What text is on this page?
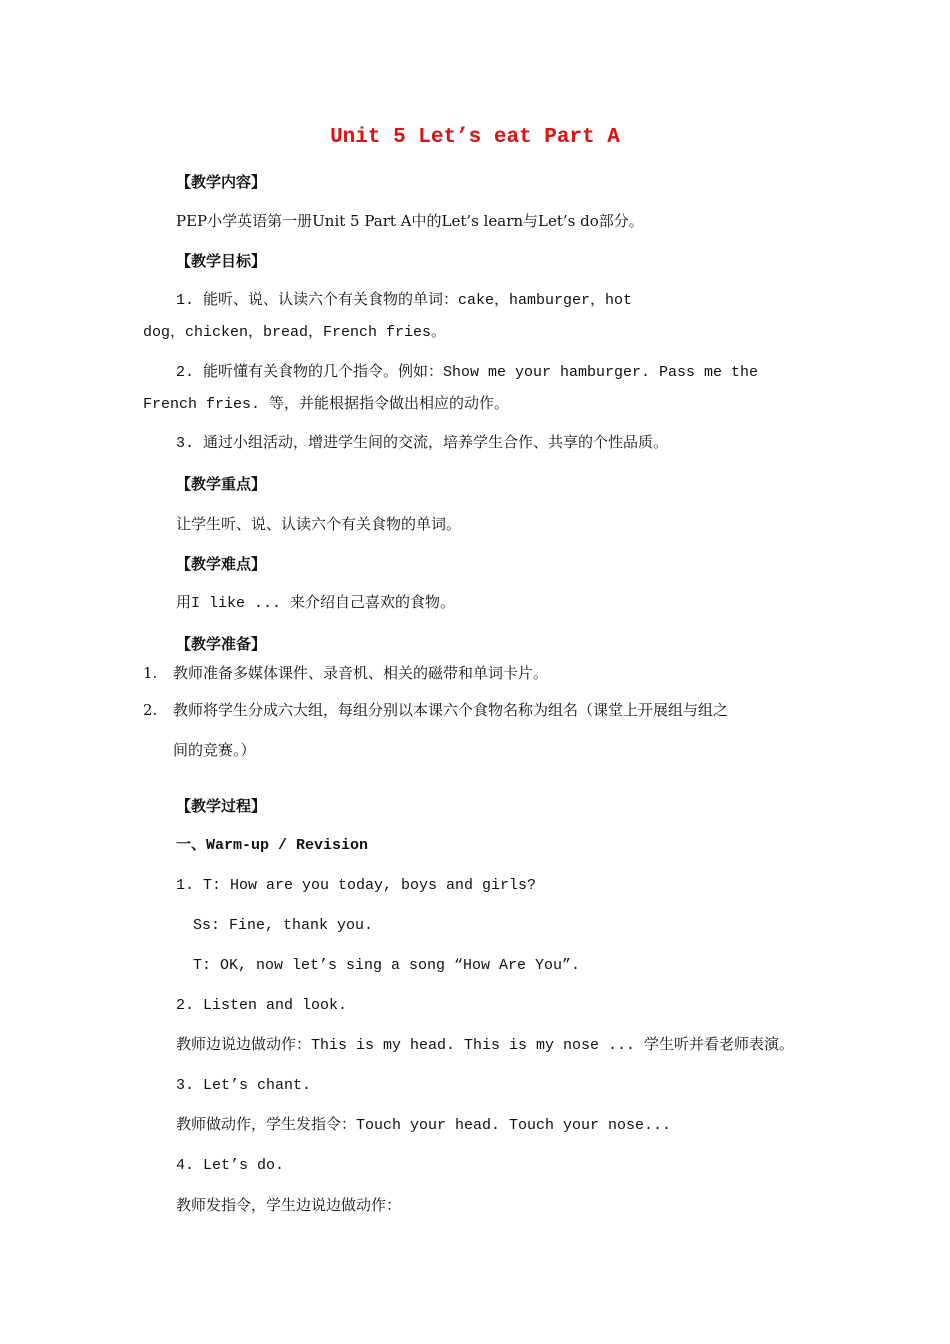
Unit 5 Let’s eat Part A
【教学内容】
PEP小学英语第一册Unit 5 Part A中的Let’s learn与Let’s do部分。
【教学目标】
1. 能听、说、认读六个有关食物的单词：cake，hamburger，hot
dog，chicken，bread，French fries。
2. 能听懂有关食物的几个指令。例如：Show me your hamburger. Pass me the
French fries. 等，并能根据指令做出相应的动作。
3. 通过小组活动，增进学生间的交流，培养学生合作、共享的个性品质。
【教学重点】
让学生听、说、认读六个有关食物的单词。
【教学难点】
用I like ... 来介绍自己喜欢的食物。
【教学准备】
1. 教师准备多媒体课件、录音机、相关的磁带和单词卡片。
2. 教师将学生分成六大组，每组分别以本课六个食物名称为组名（课堂上开展组与组之
间的竞赛。）
【教学过程】
一、Warm-up / Revision
1. T: How are you today, boys and girls?
Ss: Fine, thank you.
T: OK, now let’s sing a song “How Are You”.
2. Listen and look.
教师边说边做动作：This is my head. This is my nose ... 学生听并看老师表演。
3. Let’s chant.
教师做动作，学生发指令：Touch your head. Touch your nose...
4. Let’s do.
教师发指令，学生边说边做动作：
